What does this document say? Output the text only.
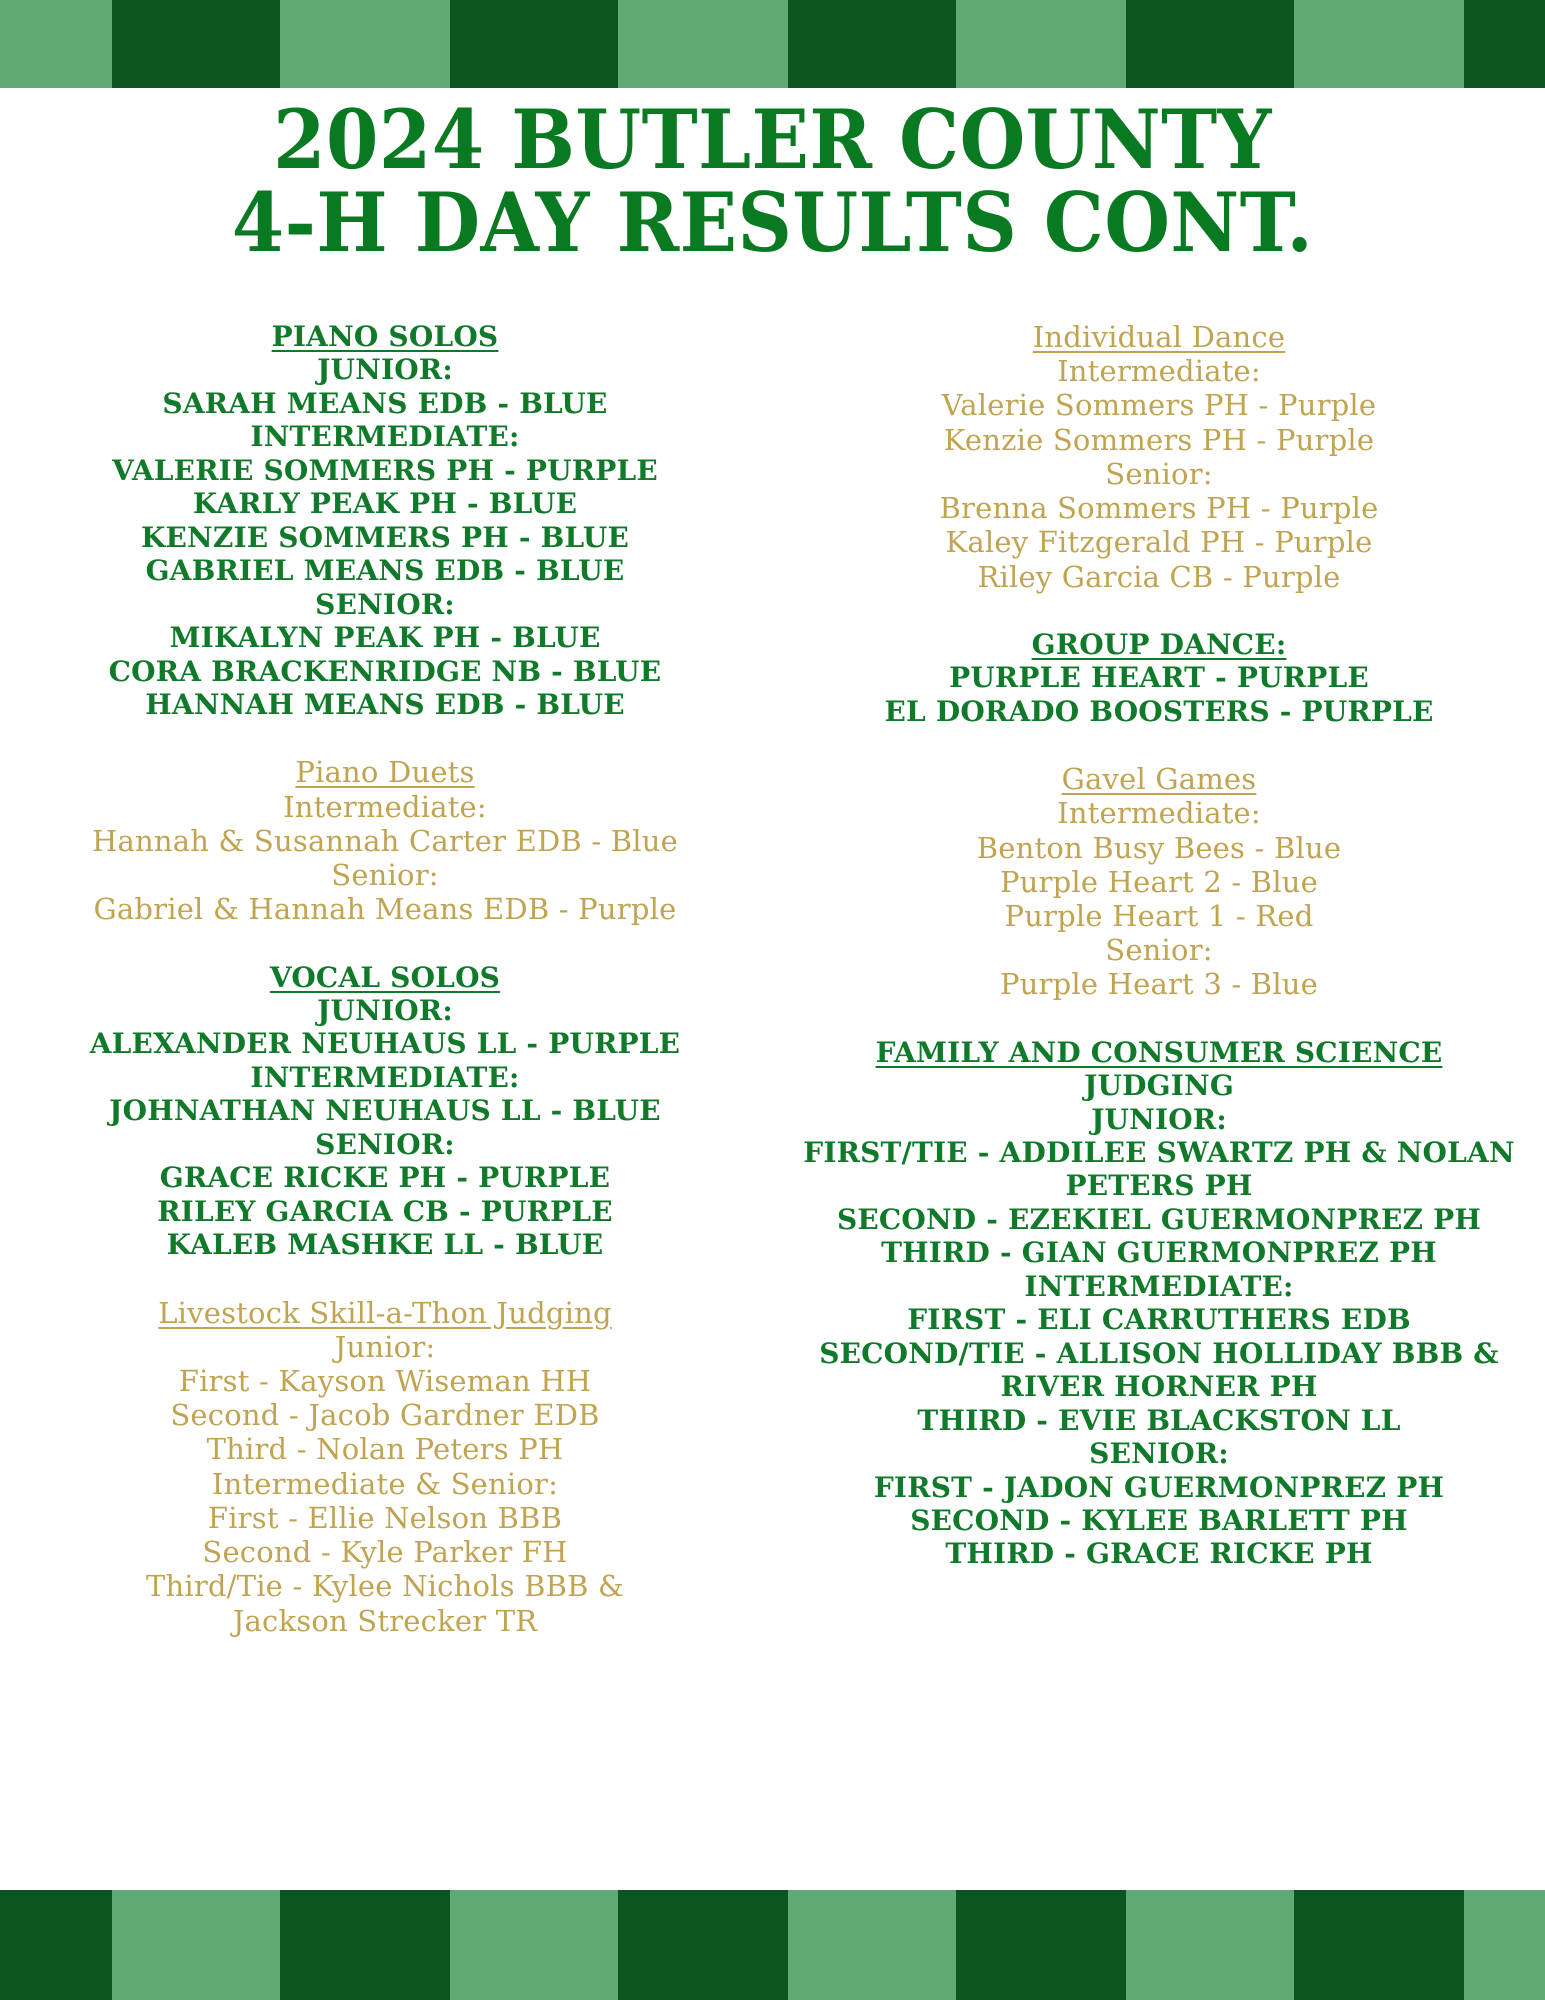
2024 BUTLER COUNTY
4-H DAY RESULTS CONT.
PIANO SOLOS
JUNIOR:
SARAH MEANS EDB - BLUE
INTERMEDIATE:
VALERIE SOMMERS PH - PURPLE
KARLY PEAK PH - BLUE
KENZIE SOMMERS PH - BLUE
GABRIEL MEANS EDB - BLUE
SENIOR:
MIKALYN PEAK PH - BLUE
CORA BRACKENRIDGE NB - BLUE
HANNAH MEANS EDB - BLUE
Piano Duets
Intermediate:
Hannah & Susannah Carter EDB - Blue
Senior:
Gabriel & Hannah Means EDB - Purple
VOCAL SOLOS
JUNIOR:
ALEXANDER NEUHAUS LL - PURPLE
INTERMEDIATE:
JOHNATHAN NEUHAUS LL - BLUE
SENIOR:
GRACE RICKE PH - PURPLE
RILEY GARCIA CB - PURPLE
KALEB MASHKE LL - BLUE
Livestock Skill-a-Thon Judging
Junior:
First - Kayson Wiseman HH
Second - Jacob Gardner EDB
Third - Nolan Peters PH
Intermediate & Senior:
First - Ellie Nelson BBB
Second - Kyle Parker FH
Third/Tie - Kylee Nichols BBB &
Jackson Strecker TR
Individual Dance
Intermediate:
Valerie Sommers PH - Purple
Kenzie Sommers PH - Purple
Senior:
Brenna Sommers PH - Purple
Kaley Fitzgerald PH - Purple
Riley Garcia CB - Purple
GROUP DANCE:
PURPLE HEART - PURPLE
EL DORADO BOOSTERS - PURPLE
Gavel Games
Intermediate:
Benton Busy Bees - Blue
Purple Heart 2 - Blue
Purple Heart 1 - Red
Senior:
Purple Heart 3 - Blue
FAMILY AND CONSUMER SCIENCE
JUDGING
JUNIOR:
FIRST/TIE - ADDILEE SWARTZ PH & NOLAN PETERS PH
SECOND - EZEKIEL GUERMONPREZ PH
THIRD - GIAN GUERMONPREZ PH
INTERMEDIATE:
FIRST - ELI CARRUTHERS EDB
SECOND/TIE - ALLISON HOLLIDAY BBB & RIVER HORNER PH
THIRD - EVIE BLACKSTON LL
SENIOR:
FIRST - JADON GUERMONPREZ PH
SECOND - KYLEE BARLETT PH
THIRD - GRACE RICKE PH
